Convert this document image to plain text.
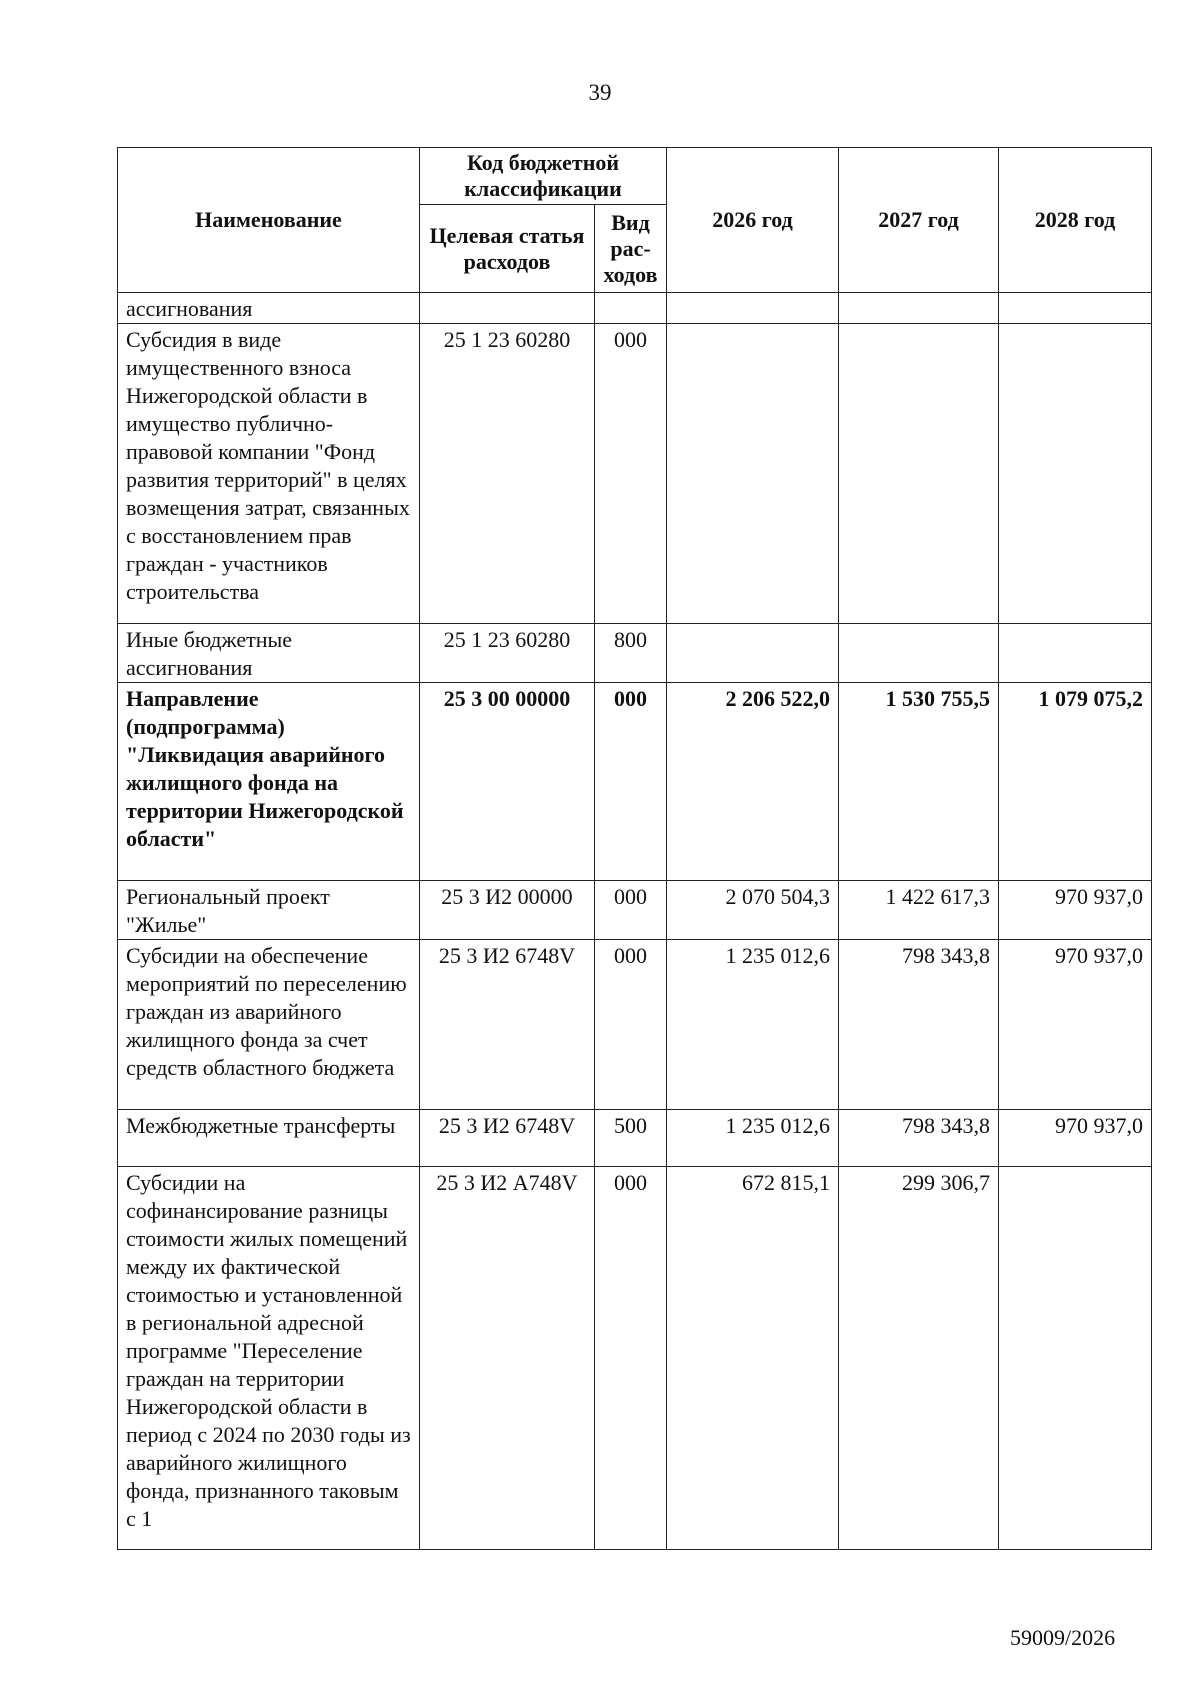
39
Наименование	Код бюджетной классификации		2026 год	2027 год	2028 год
	Целевая статья расходов	Вид рас-ходов			
ассигнования					
Субсидия в виде имущественного взноса Нижегородской области в имущество публично-правовой компании "Фонд развития территорий" в целях возмещения затрат, связанных с восстановлением прав граждан - участников строительства	25 1 23 60280	000			
Иные бюджетные ассигнования	25 1 23 60280	800			
Направление (подпрограмма) "Ликвидация аварийного жилищного фонда на территории Нижегородской области"	25 3 00 00000	000	2 206 522,0	1 530 755,5	1 079 075,2
Региональный проект "Жилье"	25 3 И2 00000	000	2 070 504,3	1 422 617,3	970 937,0
Субсидии на обеспечение мероприятий по переселению граждан из аварийного жилищного фонда за счет средств областного бюджета	25 3 И2 6748V	000	1 235 012,6	798 343,8	970 937,0
Межбюджетные трансферты	25 3 И2 6748V	500	1 235 012,6	798 343,8	970 937,0
Субсидии на софинансирование разницы стоимости жилых помещений между их фактической стоимостью и установленной в региональной адресной программе "Переселение граждан на территории Нижегородской области в период с 2024 по 2030 годы из аварийного жилищного фонда, признанного таковым с 1	25 3 И2 А748V	000	672 815,1	299 306,7	
59009/2026
